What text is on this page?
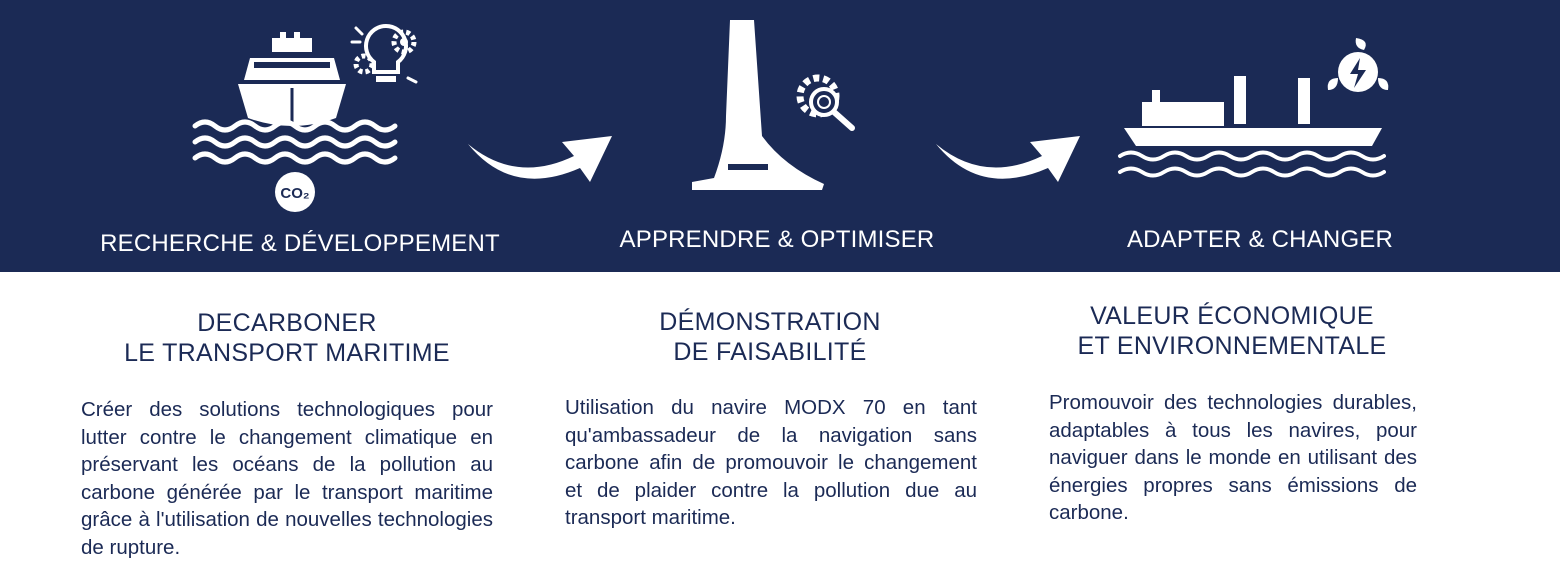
CO₂
RECHERCHE & DÉVELOPPEMENT	APPRENDRE & OPTIMISER	ADAPTER & CHANGER
DECARBONER
LE TRANSPORT MARITIME
Créer des solutions technologiques pour lutter contre le changement climatique en préservant les océans de la pollution au carbone générée par le transport maritime grâce à l'utilisation de nouvelles technologies de rupture.
DÉMONSTRATION
DE FAISABILITÉ
Utilisation du navire MODX 70 en tant qu'ambassadeur de la navigation sans carbone afin de promouvoir le changement et de plaider contre la pollution due au transport maritime.
VALEUR ÉCONOMIQUE
ET ENVIRONNEMENTALE
Promouvoir des technologies durables, adaptables à tous les navires, pour naviguer dans le monde en utilisant des énergies propres sans émissions de carbone.
